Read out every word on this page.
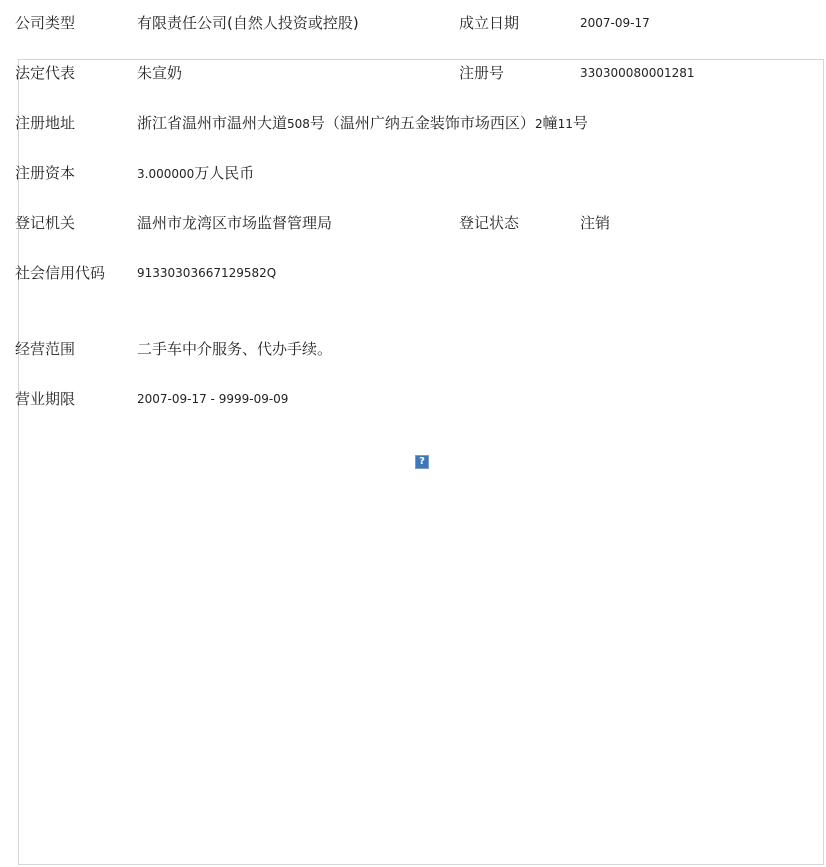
公司类型	有限责任公司(自然人投资或控股)	成立日期	2007-09-17
法定代表	朱宣奶	注册号	330300080001281
注册地址	浙江省温州市温州大道508号（温州广纳五金装饰市场西区）2幢11号
注册资本	3.000000万人民币
登记机关	温州市龙湾区市场监督管理局	登记状态	注销
社会信用代码	91330303667129582Q
经营范围	二手车中介服务、代办手续。
营业期限	2007-09-17 - 9999-09-09
?
